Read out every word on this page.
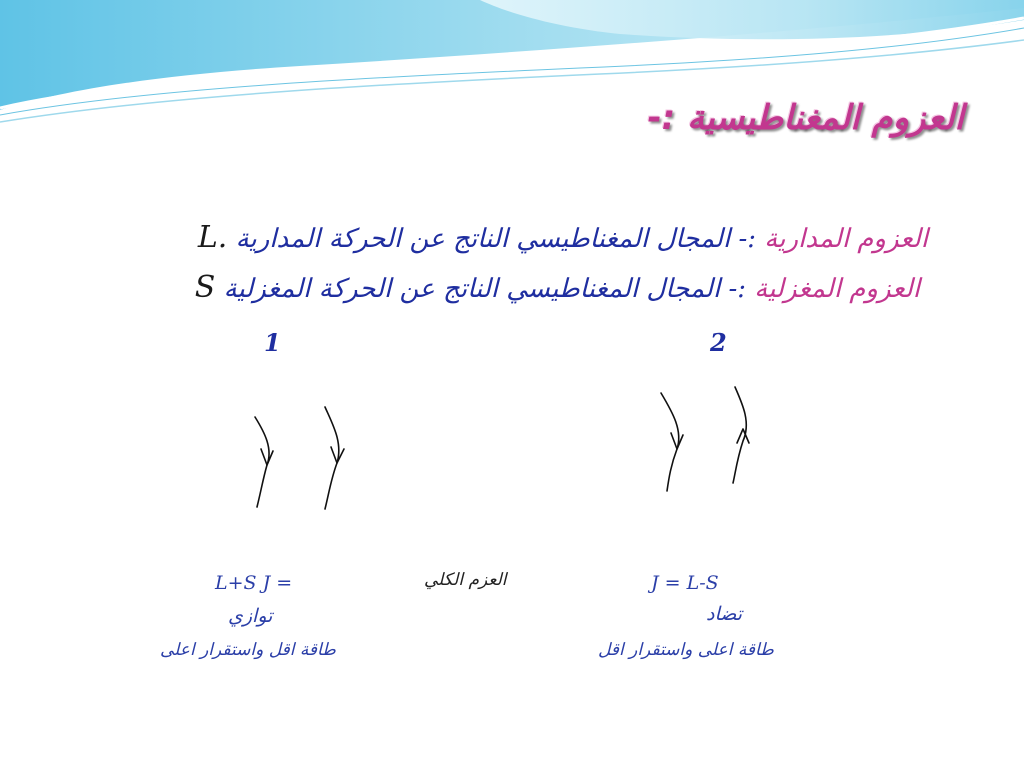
العزوم المغناطيسية :-
العزوم المدارية :- المجال المغناطيسي الناتج عن الحركة المدارية L.
العزوم المغزلية :- المجال المغناطيسي الناتج عن الحركة المغزلية S
1	2
العزم الكلي
L+S J =
توازي
طاقة اقل واستقرار اعلى
J = L-S
تضاد
طاقة اعلى واستقرار اقل
